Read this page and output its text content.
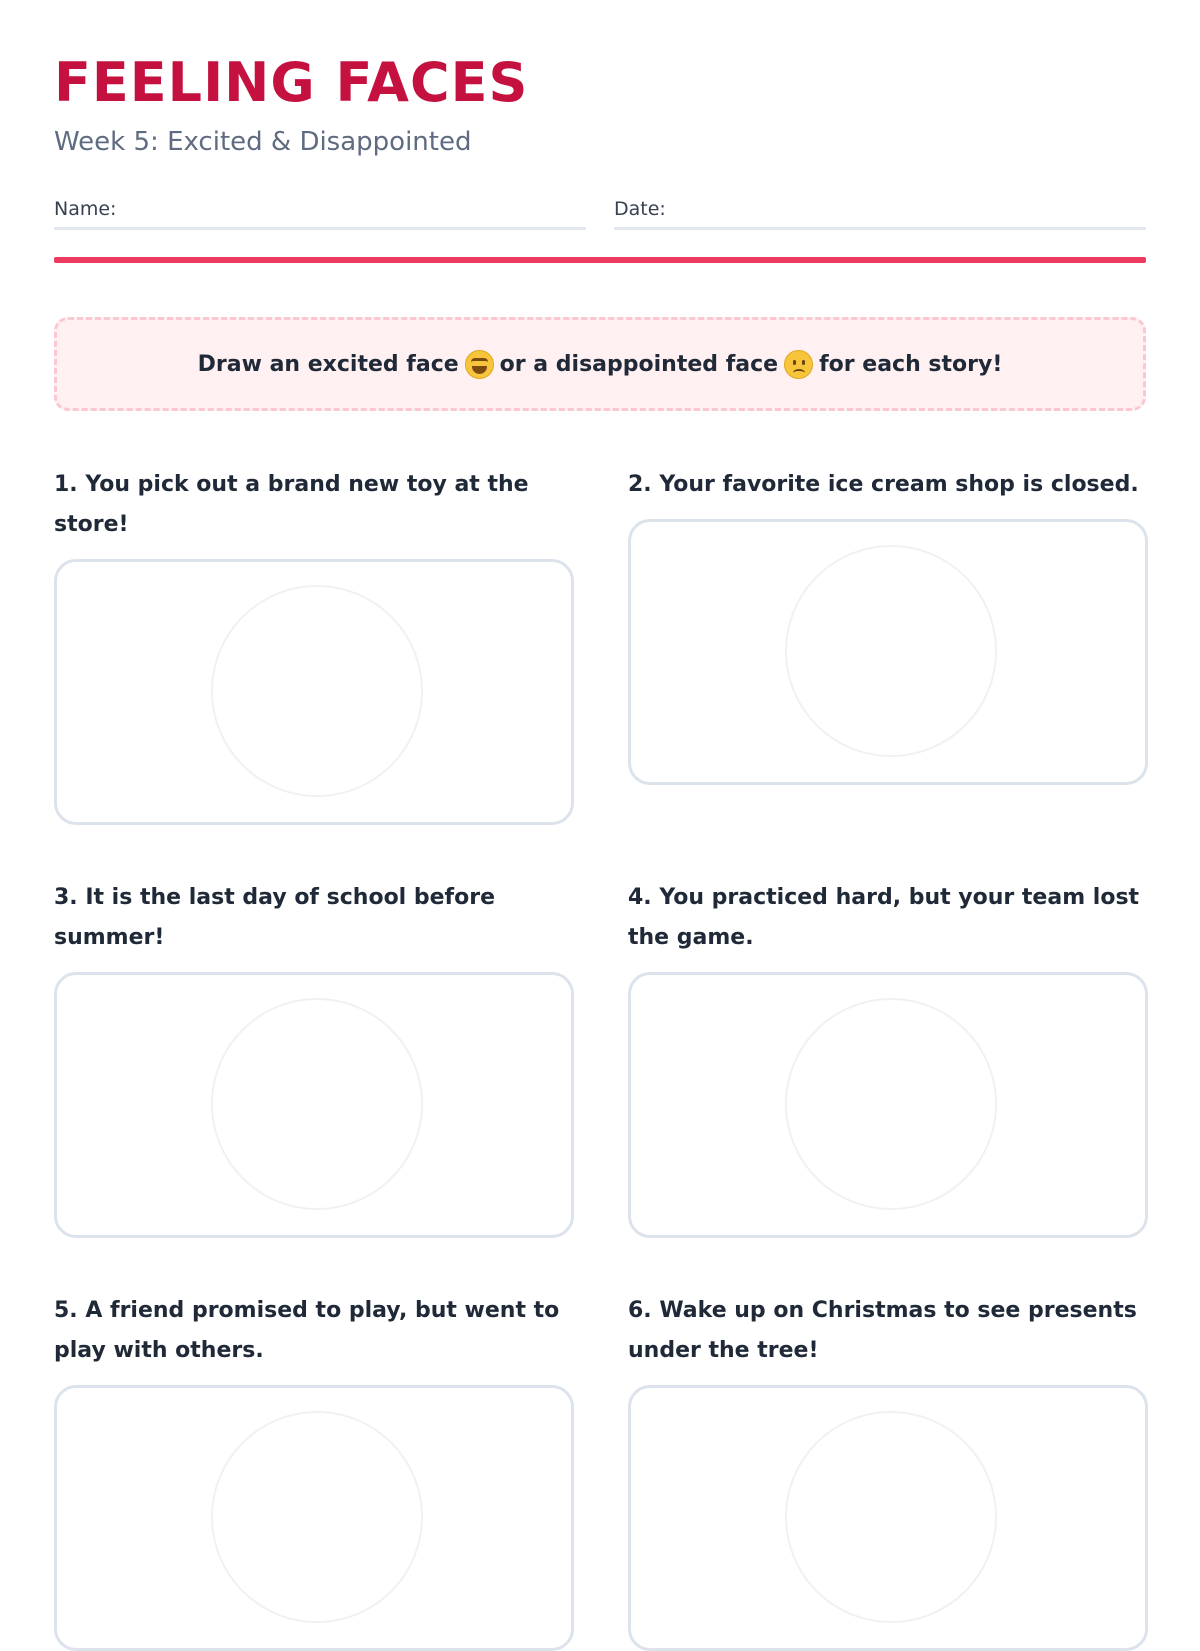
FEELING FACES
Week 5: Excited & Disappointed
Name:	Date:
Draw an excited face or a disappointed face for each story!

1. You pick out a brand new toy at the store!

2. Your favorite ice cream shop is closed.

3. It is the last day of school before summer!

4. You practiced hard, but your team lost the game.

5. A friend promised to play, but went to play with others.

6. Wake up on Christmas to see presents under the tree!
